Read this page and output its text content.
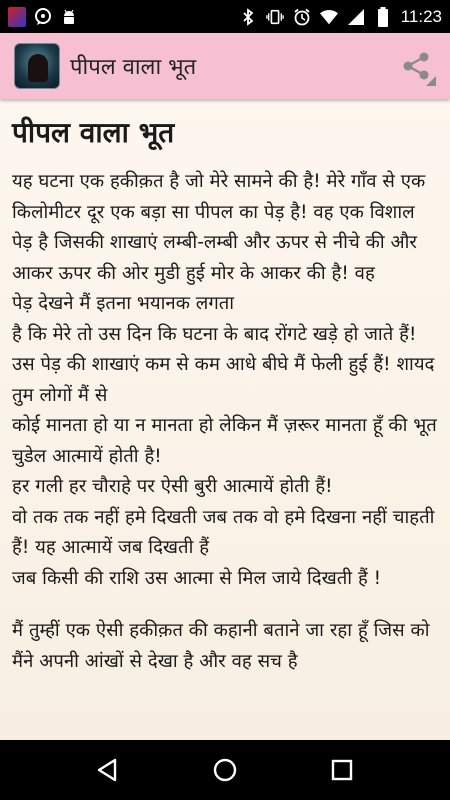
11:23
पीपल वाला भूत
पीपल वाला भूत

यह घटना एक हकीक़त है जो मेरे सामने की है! मेरे गाँव से एक किलोमीटर दूर एक बड़ा सा पीपल का पेड़ है! वह एक विशाल पेड़ है जिसकी शाखाएं लम्बी-लम्बी और ऊपर से नीचे की और आकर ऊपर की ओर मुडी हुई मोर के आकर की है! वह
पेड़ देखने मैं इतना भयानक लगता
है कि मेरे तो उस दिन कि घटना के बाद रोंगटे खड़े हो जाते हैं! उस पेड़ की शाखाएं कम से कम आधे बीघे मैं फेली हुई हैं! शायद तुम लोगों मैं से
कोई मानता हो या न मानता हो लेकिन मैं ज़रूर मानता हूँ की भूत चुडेल आत्मायें होती है!
हर गली हर चौराहे पर ऐसी बुरी आत्मायें होती हैं!
वो तक तक नहीं हमे दिखती जब तक वो हमे दिखना नहीं चाहती हैं! यह आत्मायें जब दिखती हैं
जब किसी की राशि उस आत्मा से मिल जाये दिखती हैं !

मैं तुम्हीं एक ऐसी हकीक़त की कहानी बताने जा रहा हूँ जिस को मैंने अपनी आंखों से देखा है और वह सच है
